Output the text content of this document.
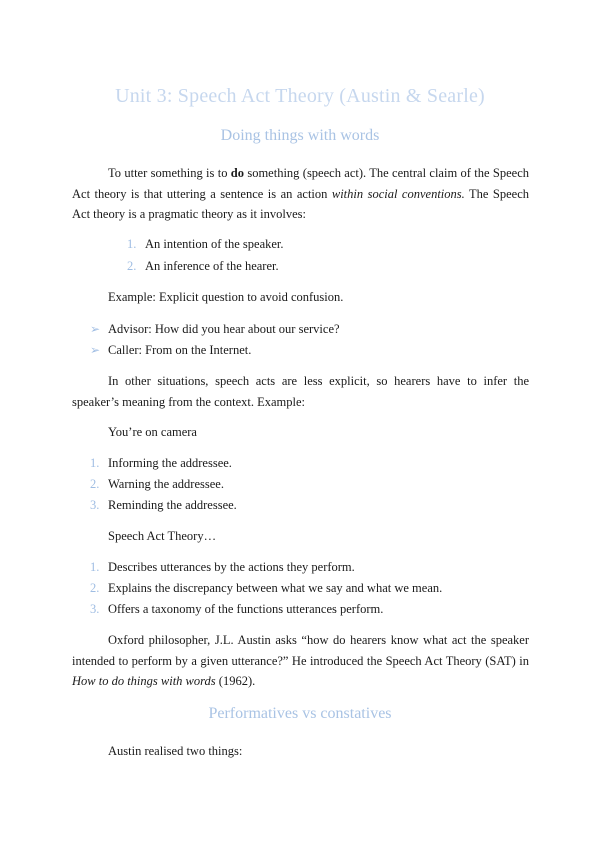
Unit 3: Speech Act Theory (Austin & Searle)
Doing things with words
To utter something is to do something (speech act). The central claim of the Speech Act theory is that uttering a sentence is an action within social conventions. The Speech Act theory is a pragmatic theory as it involves:
1. An intention of the speaker.
2. An inference of the hearer.
Example: Explicit question to avoid confusion.
➢ Advisor: How did you hear about our service?
➢ Caller: From on the Internet.
In other situations, speech acts are less explicit, so hearers have to infer the speaker’s meaning from the context. Example:
You’re on camera
1. Informing the addressee.
2. Warning the addressee.
3. Reminding the addressee.
Speech Act Theory…
1. Describes utterances by the actions they perform.
2. Explains the discrepancy between what we say and what we mean.
3. Offers a taxonomy of the functions utterances perform.
Oxford philosopher, J.L. Austin asks “how do hearers know what act the speaker intended to perform by a given utterance?” He introduced the Speech Act Theory (SAT) in How to do things with words (1962).
Performatives vs constatives
Austin realised two things:
